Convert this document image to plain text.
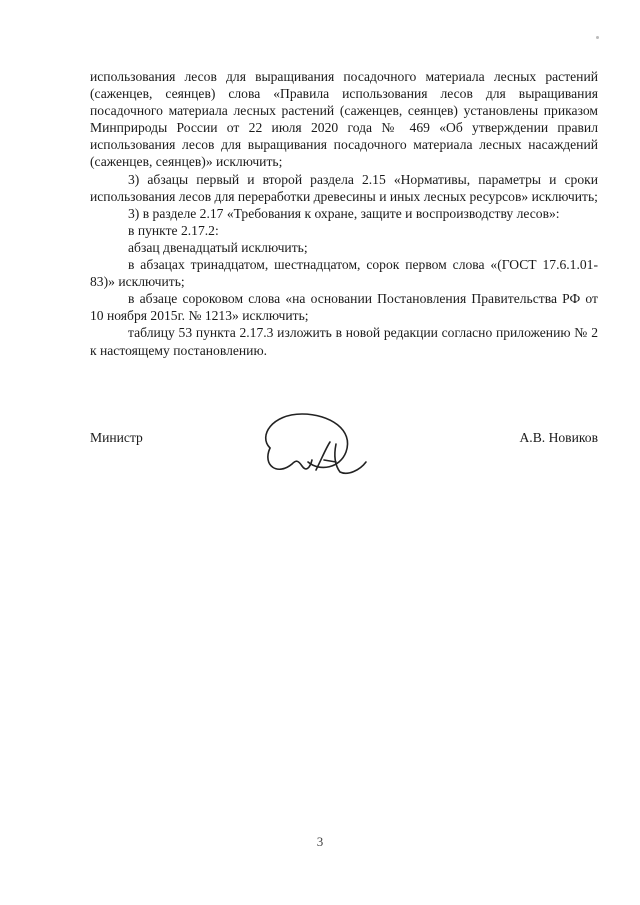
использования лесов для выращивания посадочного материала лесных растений (саженцев, сеянцев) слова «Правила использования лесов для выращивания посадочного материала лесных растений (саженцев, сеянцев) установлены приказом Минприроды России от 22 июля 2020 года № 469 «Об утверждении правил использования лесов для выращивания посадочного материала лесных насаждений (саженцев, сеянцев)» исключить;

3) абзацы первый и второй раздела 2.15 «Нормативы, параметры и сроки использования лесов для переработки древесины и иных лесных ресурсов» исключить;

3) в разделе 2.17 «Требования к охране, защите и воспроизводству лесов»:

в пункте 2.17.2:

абзац двенадцатый исключить;

в абзацах тринадцатом, шестнадцатом, сорок первом слова «(ГОСТ 17.6.1.01-83)» исключить;

в абзаце сороковом слова «на основании Постановления Правительства РФ от 10 ноября 2015г. № 1213» исключить;

таблицу 53 пункта 2.17.3 изложить в новой редакции согласно приложению № 2 к настоящему постановлению.

Министр	А.В. Новиков
3
